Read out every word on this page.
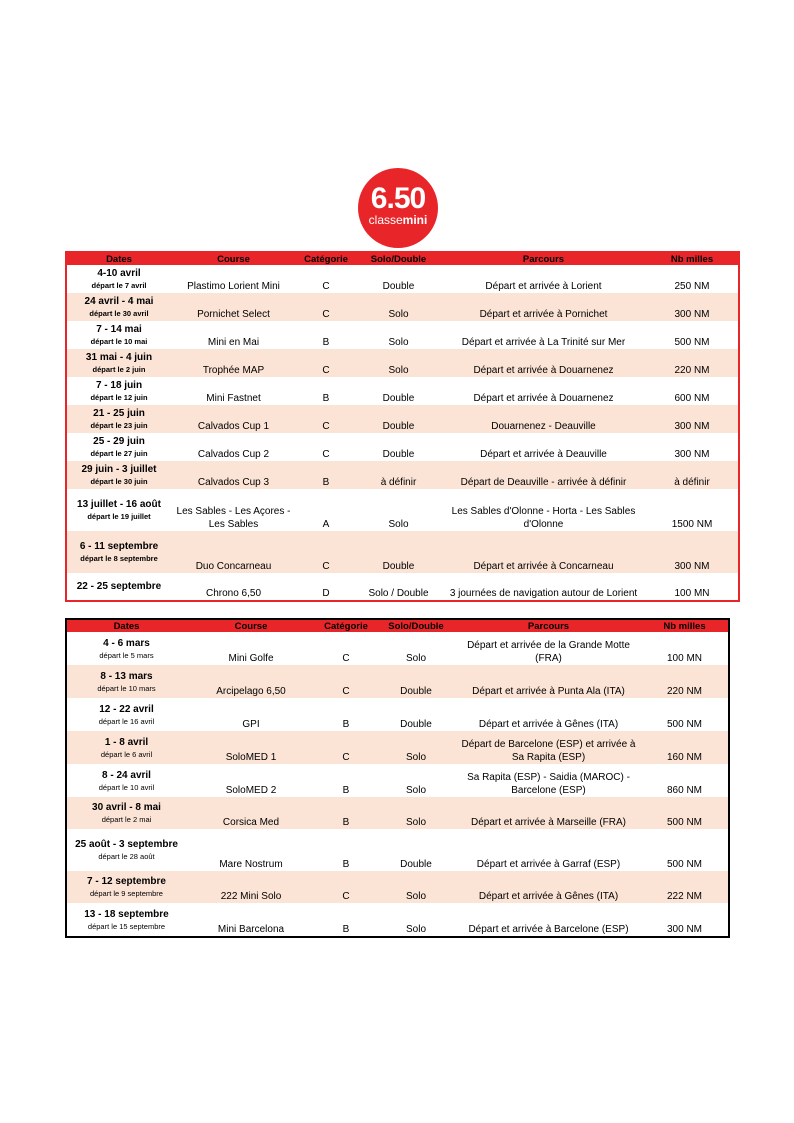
6.50
classemini
Dates	Course	Catégorie	Solo/Double	Parcours	Nb milles

4-10 avril
départ le 7 avril	Plastimo Lorient Mini	C	Double	Départ et arrivée à Lorient	250 NM

24 avril - 4 mai
départ le 30 avril	Pornichet Select	C	Solo	Départ et arrivée à Pornichet	300 NM

7 - 14 mai
départ le 10 mai	Mini en Mai	B	Solo	Départ et arrivée à La Trinité sur Mer	500 NM

31 mai - 4 juin
départ le 2 juin	Trophée MAP	C	Solo	Départ et arrivée à Douarnenez	220 NM

7 - 18 juin
départ le 12 juin	Mini Fastnet	B	Double	Départ et arrivée à Douarnenez	600 NM

21 - 25 juin
départ le 23 juin	Calvados Cup 1	C	Double	Douarnenez - Deauville	300 NM

25 - 29 juin
départ le 27 juin	Calvados Cup 2	C	Double	Départ et arrivée à Deauville	300 NM

29 juin - 3 juillet
départ le 30 juin	Calvados Cup 3	B	à définir	Départ de Deauville - arrivée à définir	à définir

13 juillet - 16 août
départ le 19 juillet	Les Sables - Les Açores - Les Sables	A	Solo	Les Sables d'Olonne - Horta - Les Sables d'Olonne	1500 NM

6 - 11 septembre
départ le 8 septembre	Duo Concarneau	C	Double	Départ et arrivée à Concarneau	300 NM

22 - 25 septembre	Chrono 6,50	D	Solo / Double	3 journées de navigation autour de Lorient	100 MN
Dates	Course	Catégorie	Solo/Double	Parcours	Nb milles

4 - 6 mars
départ le 5 mars	Mini Golfe	C	Solo	Départ et arrivée de la Grande Motte (FRA)	100 MN

8 - 13 mars
départ le 10 mars	Arcipelago 6,50	C	Double	Départ et arrivée à Punta Ala (ITA)	220 NM

12 - 22 avril
départ le 16 avril	GPI	B	Double	Départ et arrivée à Gênes (ITA)	500 NM

1 - 8 avril
départ le 6 avril	SoloMED 1	C	Solo	Départ de Barcelone (ESP) et arrivée à Sa Rapita (ESP)	160 NM

8 - 24 avril
départ le 10 avril	SoloMED 2	B	Solo	Sa Rapita (ESP) - Saidia (MAROC) - Barcelone (ESP)	860 NM

30 avril - 8 mai
départ le 2 mai	Corsica Med	B	Solo	Départ et arrivée à Marseille (FRA)	500 NM

25 août - 3 septembre
départ le 28 août	Mare Nostrum	B	Double	Départ et arrivée à Garraf (ESP)	500 NM

7 - 12 septembre
départ le 9 septembre	222 Mini Solo	C	Solo	Départ et arrivée à Gênes (ITA)	222 NM

13 - 18 septembre
départ le 15 septembre	Mini Barcelona	B	Solo	Départ et arrivée à Barcelone (ESP)	300 NM
